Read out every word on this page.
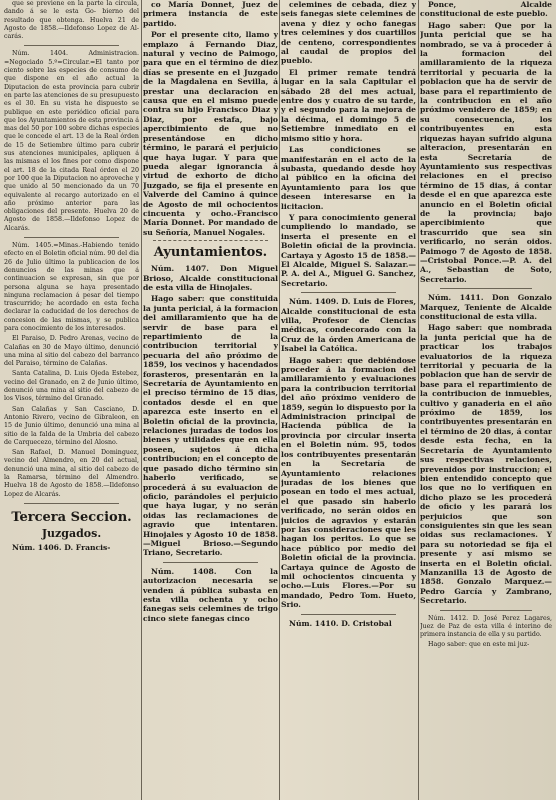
que se previene en la parte la circula, dando á se le esta Go- bierno del resultado que obtenga. Huelva 21 de Agosto de 1858.—Ildefonso Lopez de Al- carás.

Núm. 1404. Administracion. =Negociado 5.º=Circular.=El tanto por ciento sobre las especies de consumo de que dispone en el año actual la Diputacion de esta provincia para cubrir en parte las atenciones de su presupuesto es el 30. En su vista he dispuesto se publique en este periódico oficial para que los Ayuntamientos de esta provincia á mas del 50 por 100 sobre dichas especies que le concede el art. 13 de la Real órden de 15 de Setiembre último para cubrir sus atenciones municipales, apliquen á las mismas el los fines por como dispone el art. 18 de la citada Real órden el 20 por 100 que la Diputacion no aproveche y que unido al 50 mencionado da un 70 equivalente al recargo autorizado en el año próximo anterior para las obligaciones del presente. Huelva 20 de Agosto de 1858.—Ildefonso Lopez de Alcarás.

Núm. 1405.=Minas.-Habiendo tenido efecto en el Boletin oficial núm. 90 del dia 26 de Julio último la publicacion de los denuncios de las minas que á continuacion se expresan, sin que por persona alguna se haya presentado ninguna reclamacion á pesar del tiempo trascurrido; he acordado en esta fecha declarar la caducidad de los derechos de concesion de las mismas, y se publica para conocimiento de los interesados.

El Paraiso, D. Pedro Arenas, vecino de Calañas en 30 de Mayo último, denunció una mina al sitio del cabezo del barranco del Paraiso, término de Calañas.

Santa Catalina, D. Luis Ojeda Estebez, vecino del Granado, en 2 de Junio último, denunció una mina al sitio del cabezo de los Visos, término del Granado.

San Calañas y San Casciano, D. Antonio Rivero, vecino de Gibraleon, en 15 de Junio último, denunció una mina al sitio de la falda de la Umbria del cabezo de Carquecezo, término del Alosno.

San Rafael, D. Manuel Dominguez, vecino del Almendro, en 20 del actual, denunció una mina, al sitio del cabezo de la Ramarsa, término del Almendro. Huelva 18 de Agosto de 1858.—Ildefonso Lopez de Alcarás.

Tercera Seccion.
Juzgados.

Núm. 1406. D. Francis-

co María Donnet, Juez de primera instancia de este partido.

Por el presente cito, llamo y emplazo á Fernando Diaz, natural y vecino de Paimogo, para que en el término de diez días se presente en el Juzgado de la Magdalena en Sevilla, á prestar una declaracion en causa que en el mismo puede contra su hijo Francisco Diaz y Diaz, por estafa, bajo apercibimiento de que no presentándose en dicho término, le parará el perjuicio que haya lugar. Y para que pueda alegar ignorancia á virtud de exhorto de dicho Juzgado, se fija el presente en Valverde del Camino á quince de Agosto de mil ochocientos cincuenta y ocho.-Francisco María Donnet. Por mandado de su Señoría, Manuel Nogales.

Ayuntamientos.

Núm. 1407. Don Miguel Brioso, Alcalde constitucional de esta villa de Hinojales.

Hago saber: que constituida la junta pericial, á la formacion del amillaramiento que ha de servir de base para el repartimiento de la contribucion territorial y pecuaria del año próximo de 1859, los vecinos y hacendados forasteros, presentarán en la Secretaría de Ayuntamiento en el preciso término de 15 dias, contados desde el en que aparezca este inserto en el Boletin oficial de la provincia, relaciones juradas de todos los bienes y utilidades que en ella poseen, sujetos á dicha contribucion; en el concepto de que pasado dicho término sin haberlo verificado, se procederá á su evaluacion de oficio, parándoles el perjuicio que haya lugar, y no serán oidas las reclamaciones de agravio que intentaren. Hinojales y Agosto 10 de 1858.—Miguel Brioso.—Segundo Triano, Secretario.

Núm. 1408. Con la autorizacion necesaria se venden á pública subasta en esta villa ochenta y ocho fanegas seis celemines de trigo cinco siete fanegas cinco

celemines de cebada, diez y seis fanegas siete celemines de avena y diez y ocho fanegas tres celemines y dos cuartillos de centeno, correspondientes al caudal de propios del pueblo.

El primer remate tendrá lugar en la sala Capitular el sábado 28 del mes actual, entre dos y cuatro de su tarde, y el segundo para la mejora de la décima, el domingo 5 de Setiembre inmediato en el mismo sitio y hora.

Las condiciones se manifestarán en el acto de la subasta, quedando desde hoy al público en la oficina del Ayuntamiento para los que deseen interesarse en la licitacion.

Y para conocimiento general cumpliendo lo mandado, se inserta el presente en el Boletin oficial de la provincia. Cartaya y Agosto 15 de 1858.—El Alcalde, Miguel S. Salazar.—P. A. del A., Miguel G. Sanchez, Secretario.

Núm. 1409. D. Luis de Flores, Alcalde constitucional de esta villa, Profesor de Ciencias médicas, condecorado con la Cruz de la órden Americana de Isabel la Católica.

Hago saber: que debiéndose proceder á la formacion del amillaramiento y evaluaciones para la contribucion territorial del año próximo venidero de 1859, según lo dispuesto por la Administracion principal de Hacienda pública de la provincia por circular inserta en el Boletin núm. 95, todos los contribuyentes presentarán en la Secretaría de Ayuntamiento relaciones juradas de los bienes que posean en todo el mes actual, el que pasado sin haberlo verificado, no serán oidos en juicios de agravios y estarán por las consideraciones que les hagan los peritos. Lo que se hace público por medio del Boletin oficial de la provincia. Cartaya quince de Agosto de mil ochocientos cincuenta y ocho.—Luis Flores.—Por su mandado, Pedro Tom. Hueto, Srio.

Núm. 1410. D. Cristobal

Ponce, Alcalde constitucional de este pueblo.

Hago saber: Que por la Junta pericial que se ha nombrado, se va á proceder á la formacion del amillaramiento de la riqueza territorial y pecuaria de la poblacion que ha de servir de base para el repartimiento de la contribucion en el año próximo venidero de 1859; en su consecuencia, los contribuyentes en esta riquezas hayan sufrido alguna alteracion, presentarán en esta Secretaría de Ayuntamiento sus respectivas relaciones en el preciso término de 15 dias, á contar desde el en que aparezca este anuncio en el Boletin oficial de la provincia; bajo apercibimiento que trascurrido que sea sin verificarlo, no serán oidos. Paimogo 7 de Agosto de 1858.—Cristobal Ponce.—P. A. del A., Sebastian de Soto, Secretario.

Núm. 1411. Don Gonzalo Marquez, Teniente de Alcalde constitucional de esta villa.

Hago saber: que nombrada la junta pericial que ha de practicar los trabajos evaluatorios de la riqueza territorial y pecuaria de la poblacion que han de servir de base para el repartimiento de la contribucion de inmuebles, cultivo y ganaderia en el año próximo de 1859, los contribuyentes presentarán en el término de 20 dias, á contar desde esta fecha, en la Secretaría de Ayuntamiento sus respectivas relaciones, prevenidos por instruccion; el bien entendido concepto que los que no lo verifiquen en dicho plazo se les procederá de oficio y les parará los perjuicios que son consiguientes sin que les sean oidas sus reclamaciones. Y para su notoriedad se fija el presente y así mismo se inserta en el Boletin oficial. Manzanilla 13 de Agosto de 1858. Gonzalo Marquez.—Pedro García y Zambrano, Secretario.

Núm. 1412. D. José Perez Lagares, Juez de Paz de esta villa é interino de primera instancia de ella y su partido.

Hago saber: que en este mi juz-
